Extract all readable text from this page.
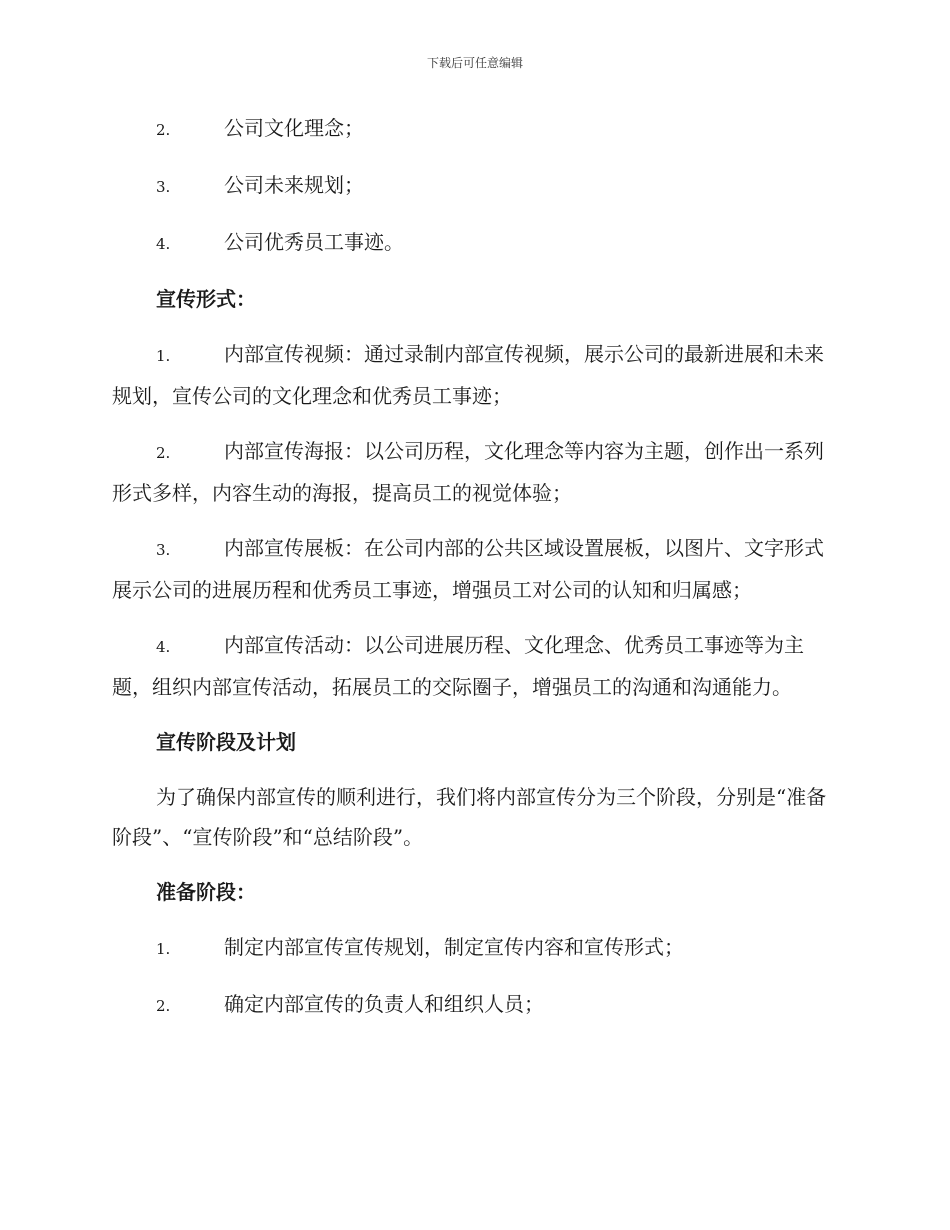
下载后可任意编辑
2.	公司文化理念；
3.	公司未来规划；
4.	公司优秀员工事迹。
宣传形式：
1.	内部宣传视频：通过录制内部宣传视频，展示公司的最新进展和未来规划，宣传公司的文化理念和优秀员工事迹；
2.	内部宣传海报：以公司历程，文化理念等内容为主题，创作出一系列形式多样，内容生动的海报，提高员工的视觉体验；
3.	内部宣传展板：在公司内部的公共区域设置展板，以图片、文字形式展示公司的进展历程和优秀员工事迹，增强员工对公司的认知和归属感；
4.	内部宣传活动：以公司进展历程、文化理念、优秀员工事迹等为主题，组织内部宣传活动，拓展员工的交际圈子，增强员工的沟通和沟通能力。
宣传阶段及计划
为了确保内部宣传的顺利进行，我们将内部宣传分为三个阶段，分别是“准备阶段”、“宣传阶段”和“总结阶段”。
准备阶段：
1.	制定内部宣传宣传规划，制定宣传内容和宣传形式；
2.	确定内部宣传的负责人和组织人员；
